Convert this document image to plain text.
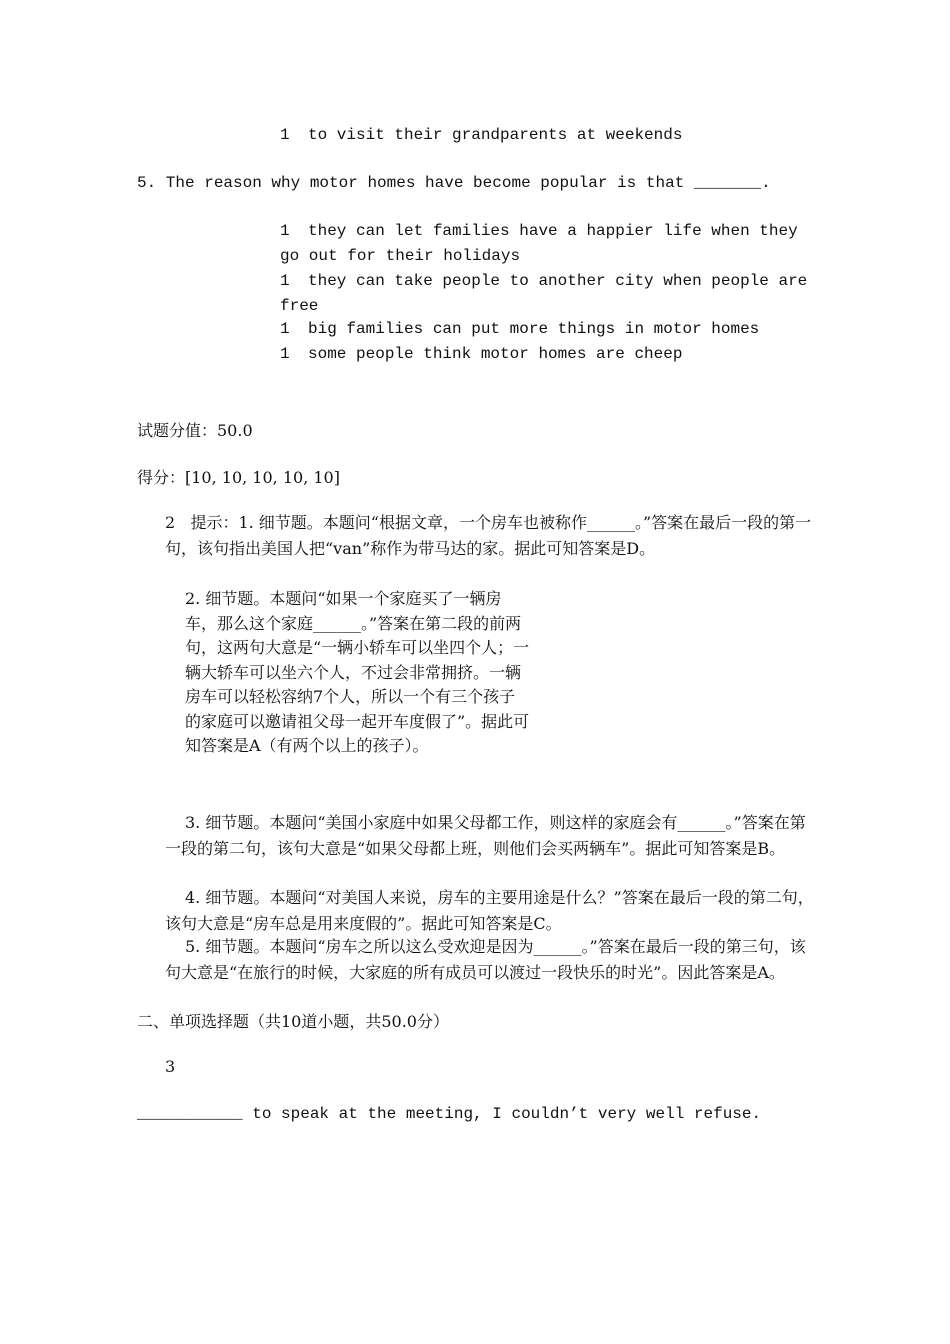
1 to visit their grandparents at weekends
5. The reason why motor homes have become popular is that _______.
1 they can let families have a happier life when they go out for their holidays
1 they can take people to another city when people are free
1 big families can put more things in motor homes
1 some people think motor homes are cheep
试题分值：50.0
得分：[10, 10, 10, 10, 10]
2 提示：1. 细节题。本题问“根据文章，一个房车也被称作______。”答案在最后一段的第一句，该句指出美国人把“van”称作为带马达的家。据此可知答案是D。
2. 细节题。本题问“如果一个家庭买了一辆房车，那么这个家庭______。”答案在第二段的前两句，这两句大意是“一辆小轿车可以坐四个人；一辆大轿车可以坐六个人，不过会非常拥挤。一辆房车可以轻松容纳7个人，所以一个有三个孩子的家庭可以邀请祖父母一起开车度假了”。据此可知答案是A（有两个以上的孩子）。
3. 细节题。本题问“美国小家庭中如果父母都工作，则这样的家庭会有______。”答案在第一段的第二句，该句大意是“如果父母都上班，则他们会买两辆车”。据此可知答案是B。
4. 细节题。本题问“对美国人来说，房车的主要用途是什么？”答案在最后一段的第二句，该句大意是“房车总是用来度假的”。据此可知答案是C。
5. 细节题。本题问“房车之所以这么受欢迎是因为______。”答案在最后一段的第三句，该句大意是“在旅行的时候，大家庭的所有成员可以渡过一段快乐的时光”。因此答案是A。
二、单项选择题（共10道小题，共50.0分）
3
___________ to speak at the meeting, I couldn’t very well refuse.
